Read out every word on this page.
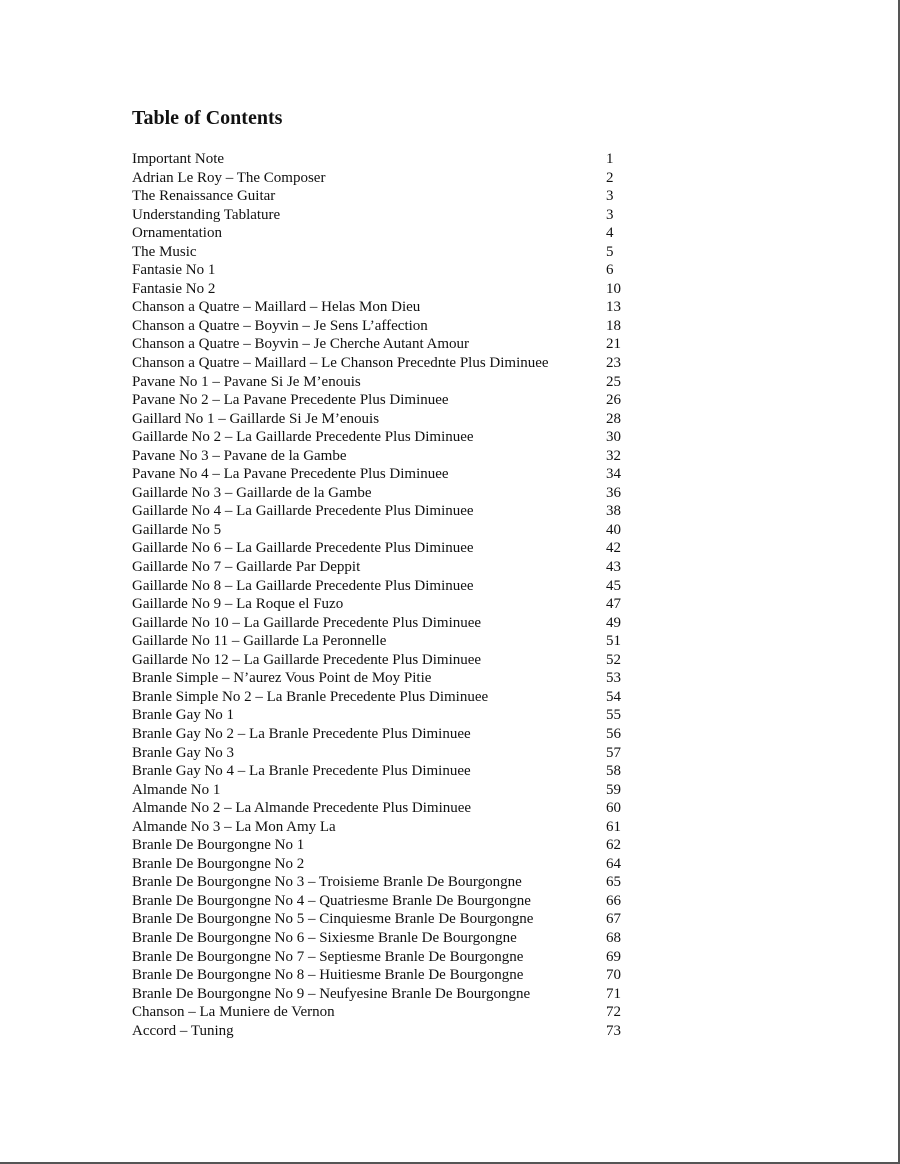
Table of Contents
Important Note	1
Adrian Le Roy – The Composer	2
The Renaissance Guitar	3
Understanding Tablature	3
Ornamentation	4
The Music	5
Fantasie No 1	6
Fantasie No 2	10
Chanson a Quatre – Maillard – Helas Mon Dieu	13
Chanson a Quatre – Boyvin – Je Sens L’affection	18
Chanson a Quatre – Boyvin – Je Cherche Autant Amour	21
Chanson a Quatre – Maillard – Le Chanson Precednte Plus Diminuee	23
Pavane No 1 – Pavane Si Je M’enouis	25
Pavane No 2 – La Pavane Precedente Plus Diminuee	26
Gaillard No 1 – Gaillarde Si Je M’enouis	28
Gaillarde No 2 – La Gaillarde Precedente Plus Diminuee	30
Pavane No 3 – Pavane de la Gambe	32
Pavane No 4 – La Pavane Precedente Plus Diminuee	34
Gaillarde No 3 – Gaillarde de la Gambe	36
Gaillarde No 4 – La Gaillarde Precedente Plus Diminuee	38
Gaillarde No 5	40
Gaillarde No 6 – La Gaillarde Precedente Plus Diminuee	42
Gaillarde No 7 – Gaillarde Par Deppit	43
Gaillarde No 8 – La Gaillarde Precedente Plus Diminuee	45
Gaillarde No 9 – La Roque el Fuzo	47
Gaillarde No 10 – La Gaillarde Precedente Plus Diminuee	49
Gaillarde No 11 – Gaillarde La Peronnelle	51
Gaillarde No 12 – La Gaillarde Precedente Plus Diminuee	52
Branle Simple – N’aurez Vous Point de Moy Pitie	53
Branle Simple No 2 – La Branle Precedente Plus Diminuee	54
Branle Gay No 1	55
Branle Gay No 2 – La Branle Precedente Plus Diminuee	56
Branle Gay No 3	57
Branle Gay No 4 – La Branle Precedente Plus Diminuee	58
Almande No 1	59
Almande No 2 – La Almande Precedente Plus Diminuee	60
Almande No 3 – La Mon Amy La	61
Branle De Bourgongne No 1	62
Branle De Bourgongne No 2	64
Branle De Bourgongne No 3 – Troisieme Branle De Bourgongne	65
Branle De Bourgongne No 4 – Quatriesme Branle De Bourgongne	66
Branle De Bourgongne No 5 – Cinquiesme Branle De Bourgongne	67
Branle De Bourgongne No 6 – Sixiesme Branle De Bourgongne	68
Branle De Bourgongne No 7 – Septiesme Branle De Bourgongne	69
Branle De Bourgongne No 8 – Huitiesme Branle De Bourgongne	70
Branle De Bourgongne No 9 – Neufyesine Branle De Bourgongne	71
Chanson – La Muniere de Vernon	72
Accord – Tuning	73
